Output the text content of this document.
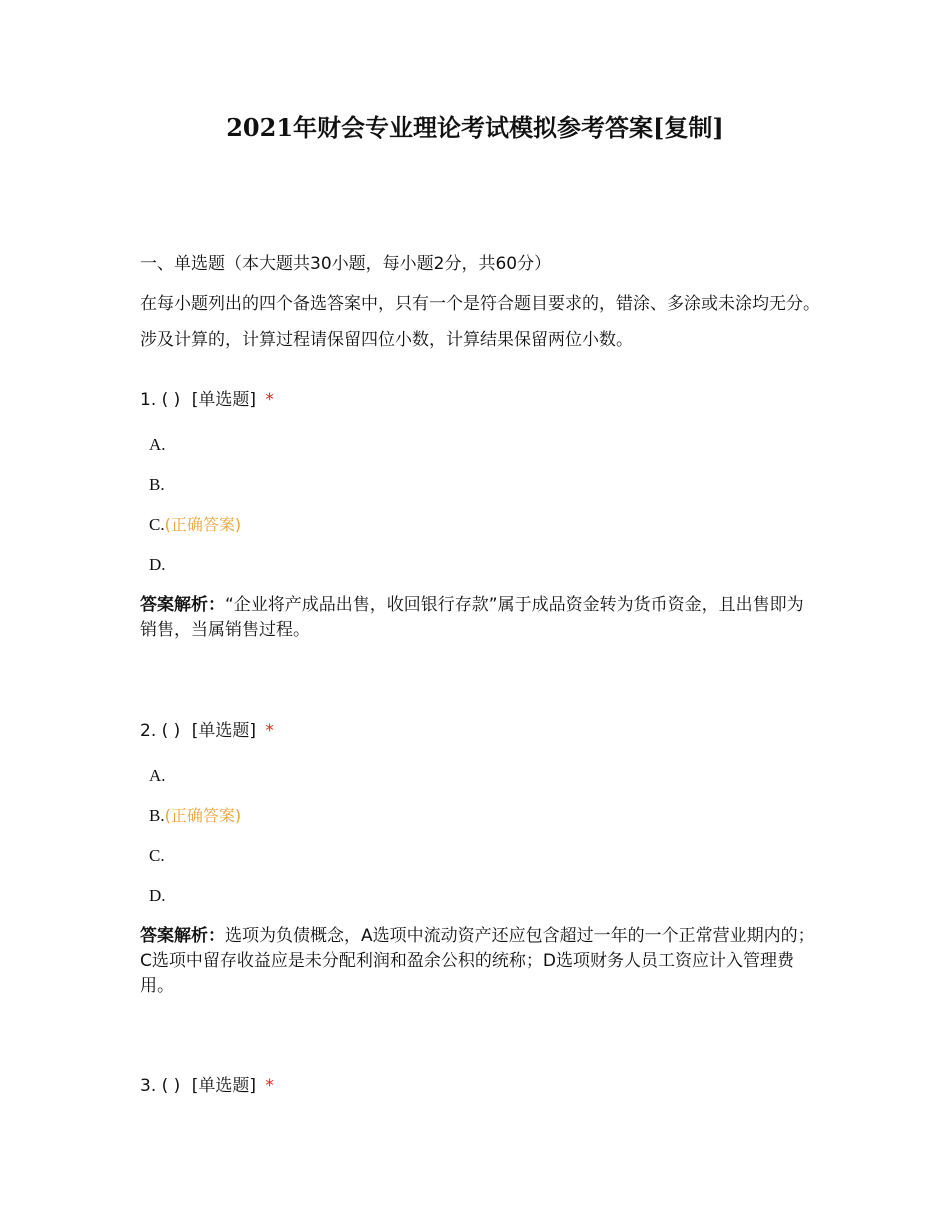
2021年财会专业理论考试模拟参考答案[复制]
一、单选题（本大题共30小题，每小题2分，共60分）
在每小题列出的四个备选答案中，只有一个是符合题目要求的，错涂、多涂或未涂均无分。涉及计算的，计算过程请保留四位小数，计算结果保留两位小数。
1. ( ) [单选题] *
A.
B.
C.(正确答案)
D.
答案解析：“企业将产成品出售，收回银行存款”属于成品资金转为货币资金，且出售即为销售，当属销售过程。
2. ( ) [单选题] *
A.
B.(正确答案)
C.
D.
答案解析：选项为负债概念，A选项中流动资产还应包含超过一年的一个正常营业期内的；C选项中留存收益应是未分配利润和盈余公积的统称；D选项财务人员工资应计入管理费用。
3. ( ) [单选题] *
